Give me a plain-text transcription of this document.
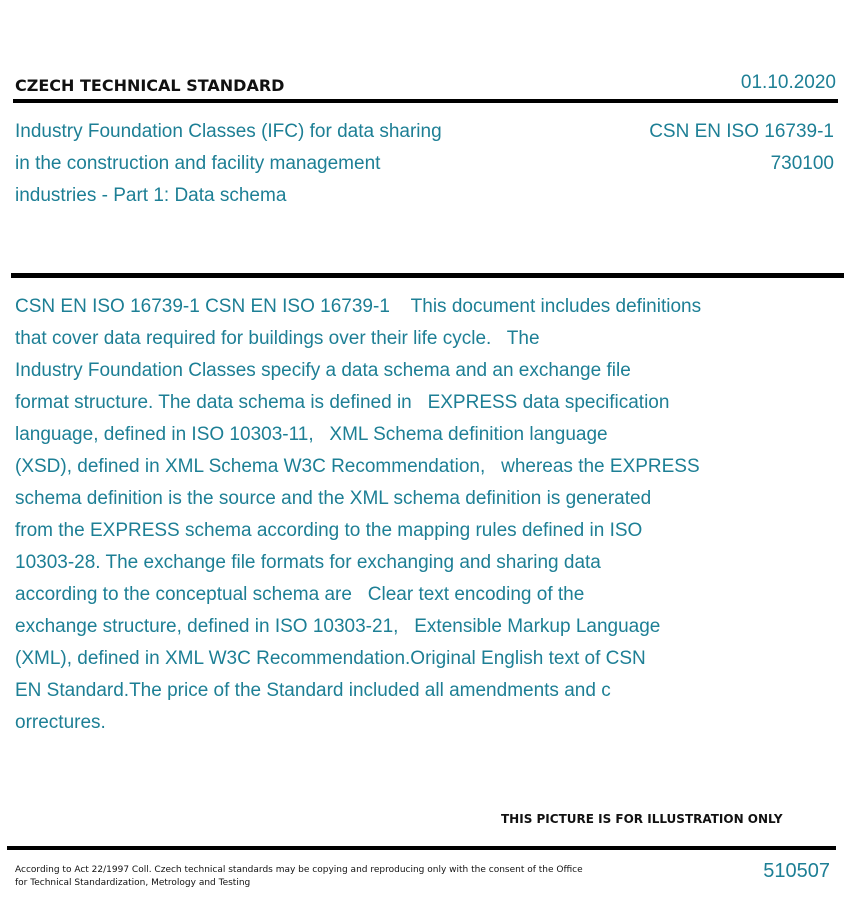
CZECH TECHNICAL STANDARD	01.10.2020
Industry Foundation Classes (IFC) for data sharing
in the construction and facility management
industries - Part 1: Data schema
CSN EN ISO 16739-1
730100
CSN EN ISO 16739-1 CSN EN ISO 16739-1    This document includes definitions
that cover data required for buildings over their life cycle.   The
Industry Foundation Classes specify a data schema and an exchange file
format structure. The data schema is defined in   EXPRESS data specification
language, defined in ISO 10303-11,   XML Schema definition language
(XSD), defined in XML Schema W3C Recommendation,   whereas the EXPRESS
schema definition is the source and the XML schema definition is generated
from the EXPRESS schema according to the mapping rules defined in ISO
10303-28. The exchange file formats for exchanging and sharing data
according to the conceptual schema are   Clear text encoding of the
exchange structure, defined in ISO 10303-21,   Extensible Markup Language
(XML), defined in XML W3C Recommendation.Original English text of CSN
EN Standard.The price of the Standard included all amendments and c
orrectures.
THIS PICTURE IS FOR ILLUSTRATION ONLY
According to Act 22/1997 Coll. Czech technical standards may be copying and reproducing only with the consent of the Office
for Technical Standardization, Metrology and Testing
510507
